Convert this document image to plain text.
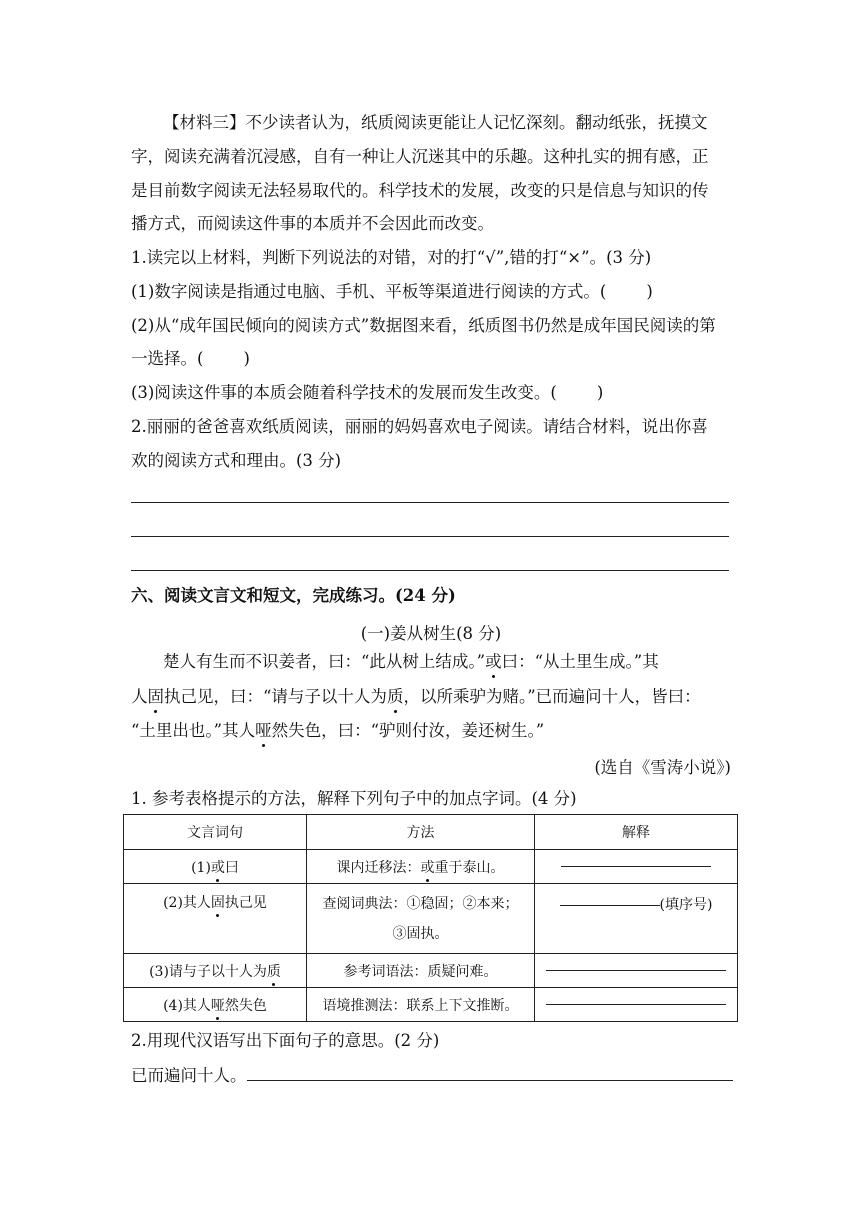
【材料三】不少读者认为，纸质阅读更能让人记忆深刻。翻动纸张，抚摸文
字，阅读充满着沉浸感，自有一种让人沉迷其中的乐趣。这种扎实的拥有感，正
是目前数字阅读无法轻易取代的。科学技术的发展，改变的只是信息与知识的传
播方式，而阅读这件事的本质并不会因此而改变。
1.读完以上材料，判断下列说法的对错，对的打“√”,错的打“×”。(3 分)
(1)数字阅读是指通过电脑、手机、平板等渠道进行阅读的方式。( )
(2)从“成年国民倾向的阅读方式”数据图来看，纸质图书仍然是成年国民阅读的第
一选择。( )
(3)阅读这件事的本质会随着科学技术的发展而发生改变。( )
2.丽丽的爸爸喜欢纸质阅读，丽丽的妈妈喜欢电子阅读。请结合材料，说出你喜
欢的阅读方式和理由。(3 分)
六、阅读文言文和短文，完成练习。(24 分)
(一)姜从树生(8 分)
楚人有生而不识姜者，曰：“此从树上结成。”或曰：“从土里生成。”其
人固执己见，曰：“请与子以十人为质，以所乘驴为赌。”已而遍问十人，皆曰：
“土里出也。”其人哑然失色，曰：“驴则付汝，姜还树生。”
(选自《雪涛小说》)
1. 参考表格提示的方法，解释下列句子中的加点字词。(4 分)
文言词句	方法	解释
(1)或曰	课内迁移法：或重于泰山。	
(2)其人固执己见	查阅词典法：①稳固；②本来；
③固执。	(填序号)
(3)请与子以十人为质	参考词语法：质疑问难。	
(4)其人哑然失色	语境推测法：联系上下文推断。	
2.用现代汉语写出下面句子的意思。(2 分)
已而遍问十人。
